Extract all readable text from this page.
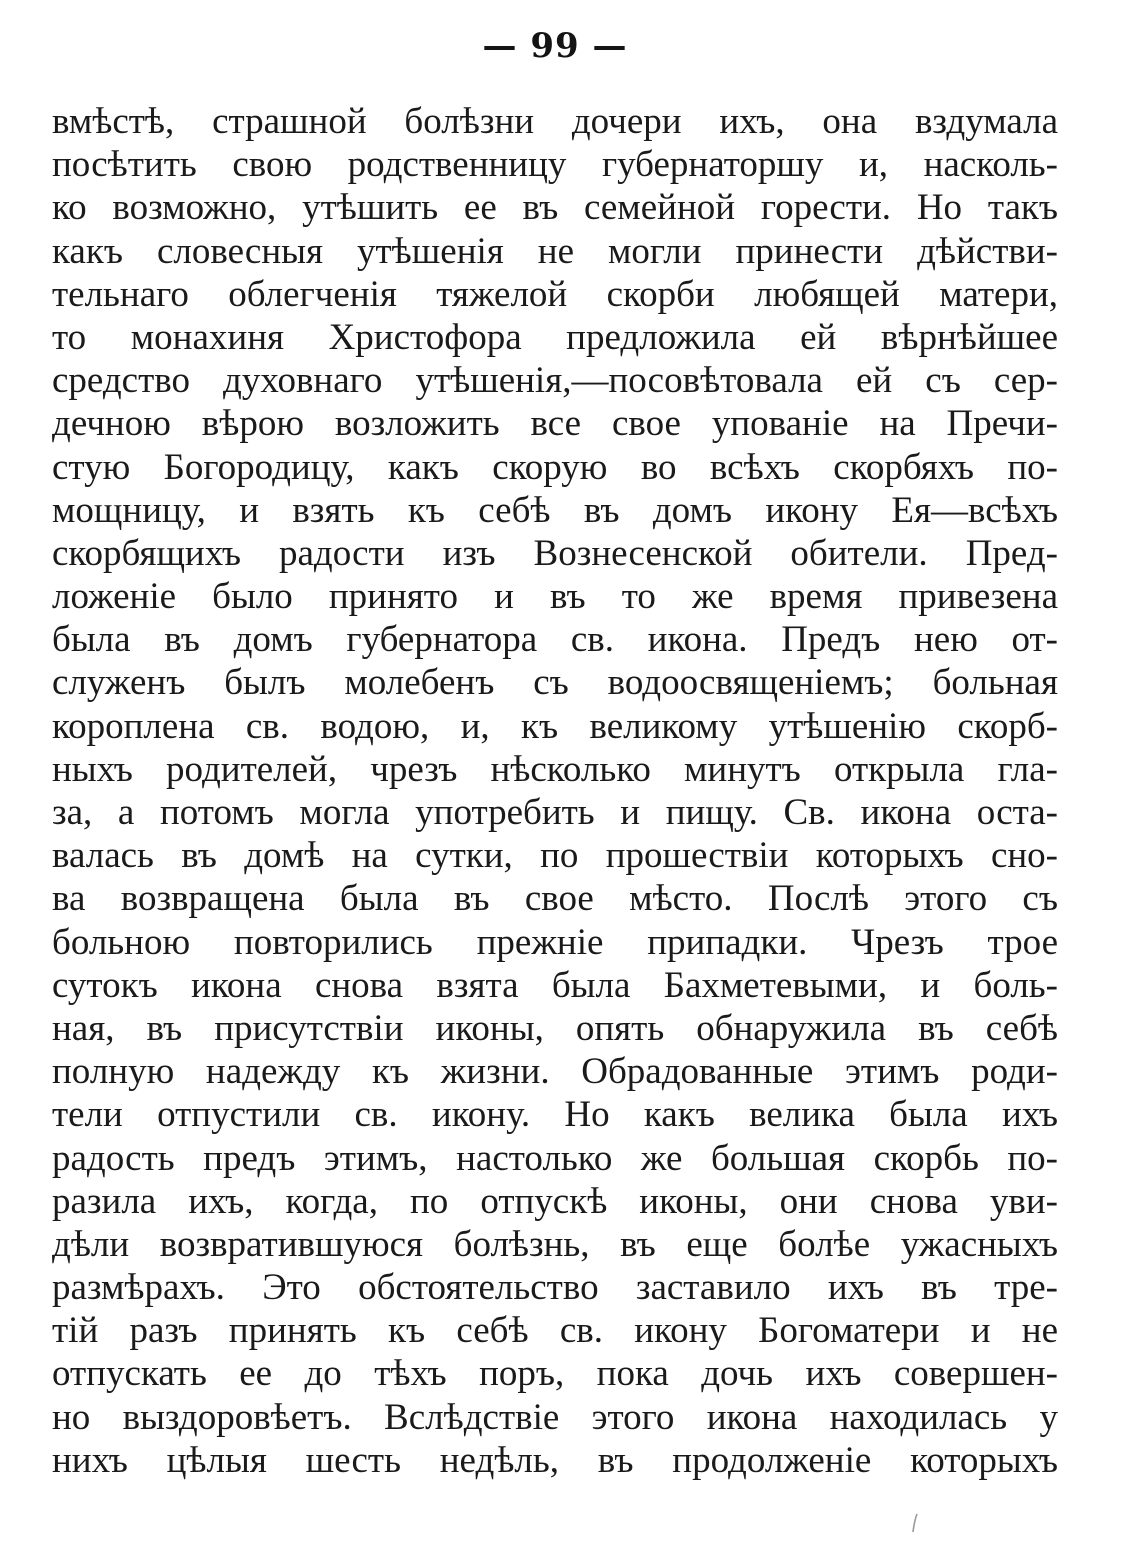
— 99 —
вмѣстѣ, страшной болѣзни дочери ихъ, она вздумала
посѣтить свою родственницу губернаторшу и, насколь-
ко возможно, утѣшить ее въ семейной горести. Но такъ
какъ словесныя утѣшенія не могли принести дѣйстви-
тельнаго облегченія тяжелой скорби любящей матери,
то монахиня Христофора предложила ей вѣрнѣйшее
средство духовнаго утѣшенія,—посовѣтовала ей съ сер-
дечною вѣрою возложить все свое упованіе на Пречи-
стую Богородицу, какъ скорую во всѣхъ скорбяхъ по-
мощницу, и взять къ себѣ въ домъ икону Ея—всѣхъ
скорбящихъ радости изъ Вознесенской обители. Пред-
ложеніе было принято и въ то же время привезена
была въ домъ губернатора св. икона. Предъ нею от-
служенъ былъ молебенъ съ водоосвященіемъ; больная
короплена св. водою, и, къ великому утѣшенію скорб-
ныхъ родителей, чрезъ нѣсколько минутъ открыла гла-
за, а потомъ могла употребить и пищу. Св. икона оста-
валась въ домѣ на сутки, по прошествіи которыхъ сно-
ва возвращена была въ свое мѣсто. Послѣ этого съ
больною повторились прежніе припадки. Чрезъ трое
сутокъ икона снова взята была Бахметевыми, и боль-
ная, въ присутствіи иконы, опять обнаружила въ себѣ
полную надежду къ жизни. Обрадованные этимъ роди-
тели отпустили св. икону. Но какъ велика была ихъ
радость предъ этимъ, настолько же большая скорбь по-
разила ихъ, когда, по отпускѣ иконы, они снова уви-
дѣли возвратившуюся болѣзнь, въ еще болѣе ужасныхъ
размѣрахъ. Это обстоятельство заставило ихъ въ тре-
тій разъ принять къ себѣ св. икону Богоматери и не
отпускать ее до тѣхъ поръ, пока дочь ихъ совершен-
но выздоровѣетъ. Вслѣдствіе этого икона находилась у
нихъ цѣлыя шесть недѣль, въ продолженіе которыхъ
